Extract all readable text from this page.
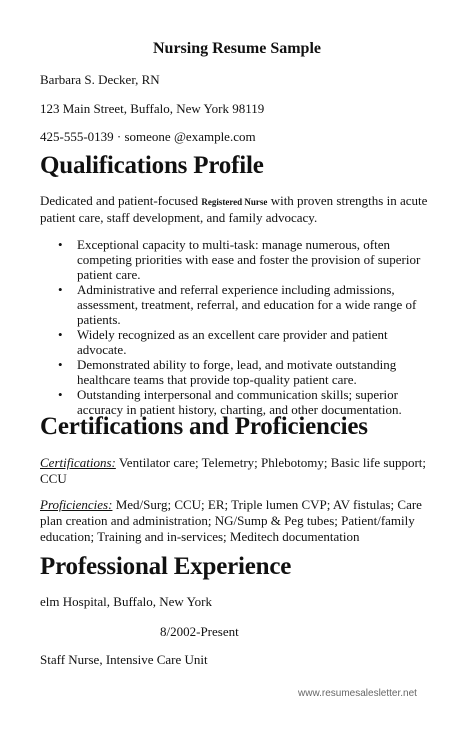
Nursing Resume Sample
Barbara S. Decker, RN
123 Main Street, Buffalo, New York 98119
425-555-0139 · someone @example.com
Qualifications Profile
Dedicated and patient-focused Registered Nurse with proven strengths in acute patient care, staff development, and family advocacy.
• Exceptional capacity to multi-task: manage numerous, often competing priorities with ease and foster the provision of superior patient care.
• Administrative and referral experience including admissions, assessment, treatment, referral, and education for a wide range of patients.
• Widely recognized as an excellent care provider and patient advocate.
• Demonstrated ability to forge, lead, and motivate outstanding healthcare teams that provide top-quality patient care.
• Outstanding interpersonal and communication skills; superior accuracy in patient history, charting, and other documentation.
Certifications and Proficiencies
Certifications: Ventilator care; Telemetry; Phlebotomy; Basic life support; CCU
Proficiencies: Med/Surg; CCU; ER; Triple lumen CVP; AV fistulas; Care plan creation and administration; NG/Sump & Peg tubes; Patient/family education; Training and in-services; Meditech documentation
Professional Experience
elm Hospital, Buffalo, New York
8/2002-Present
Staff Nurse, Intensive Care Unit
www.resumesalesletter.net
